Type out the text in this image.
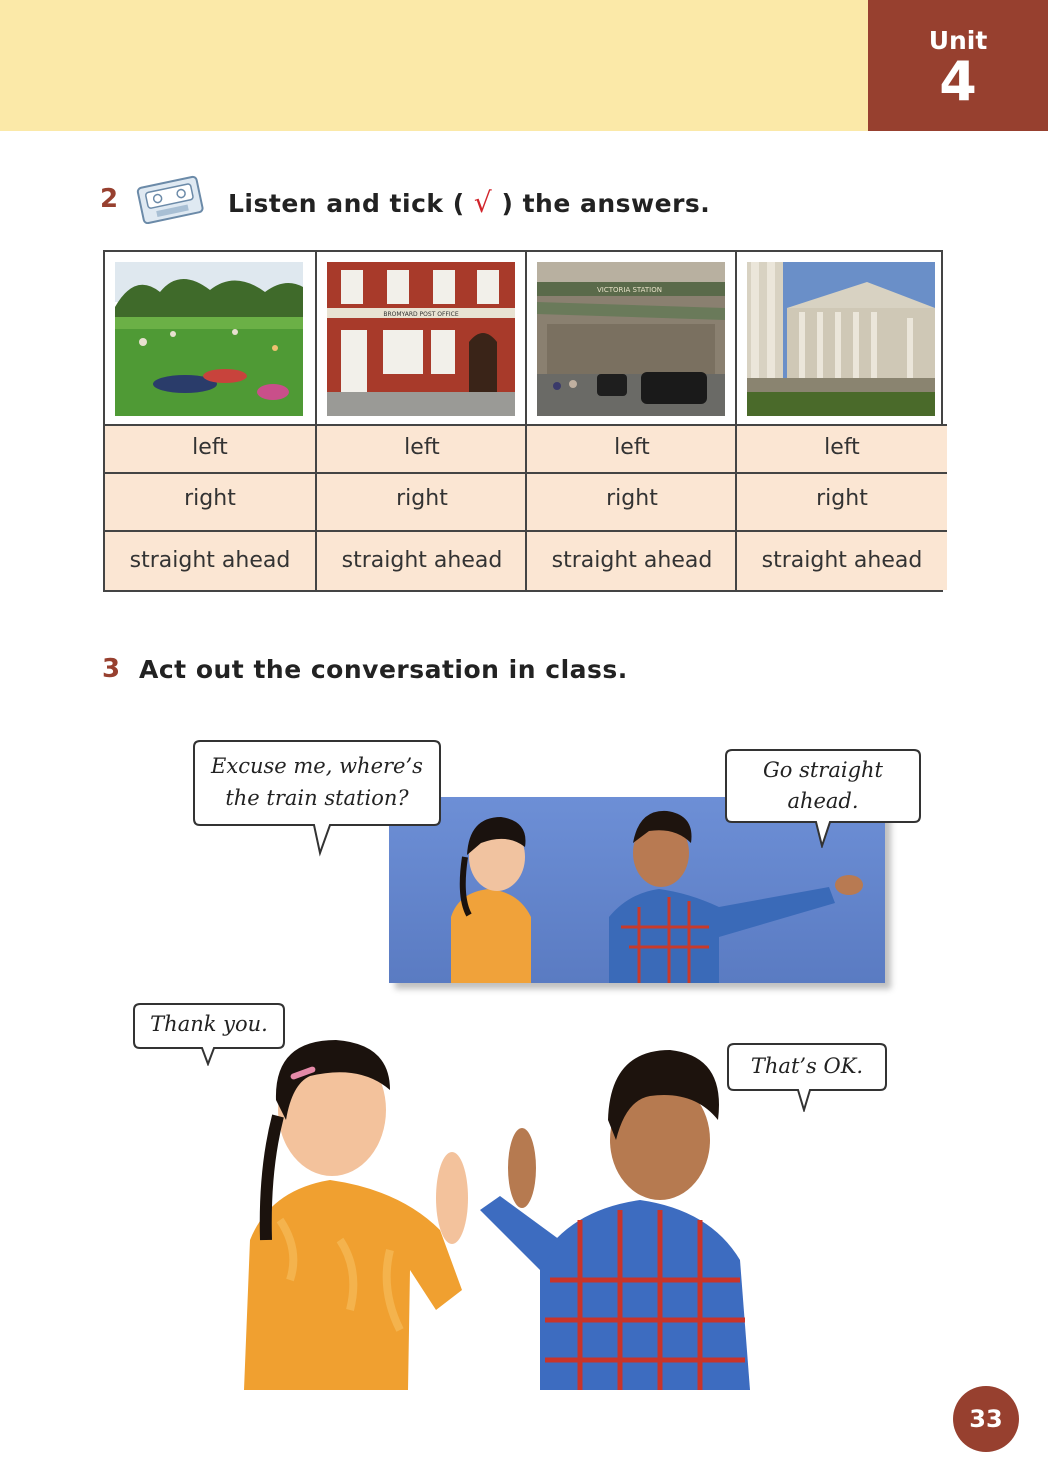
Unit
4
2	Listen and tick ( √ ) the answers.
left
right
straight ahead
BROMYARD POST OFFICE
left
right
straight ahead
VICTORIA STATION
left
right
straight ahead
left
right
straight ahead
3 Act out the conversation in class.
Excuse me, where’s
the train station?
Go straight
ahead.
Thank you.
That’s OK.
33
